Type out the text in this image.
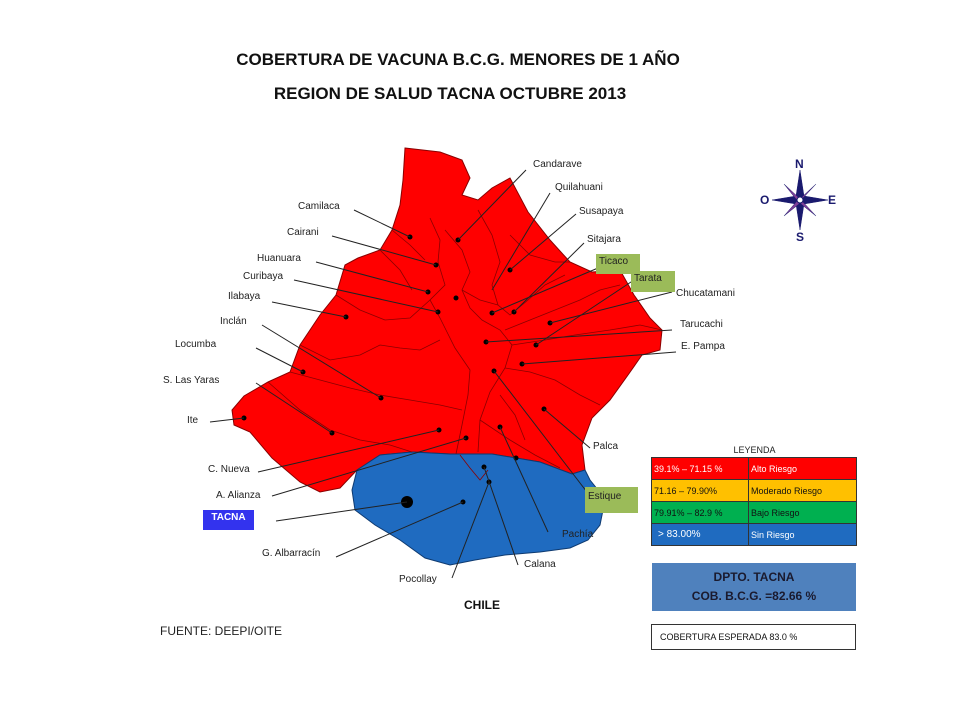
COBERTURA DE VACUNA B.C.G. MENORES DE 1 AÑO
REGION DE SALUD TACNA OCTUBRE 2013
Candarave
Quilahuani
Susapaya
Sitajara
Chucatamani
Tarucachi
E. Pampa
Camilaca
Cairani
Huanuara
Curibaya
Ilabaya
Inclán
Locumba
S. Las Yaras
Ite
C. Nueva
A. Alianza
G. Albarracín
Pocollay
Calana
Pachía
Palca
CHILE
N
S
O	E
Ticaco
Tarata
Estique
TACNA
LEYENDA
39.1% – 71.15 %	Alto Riesgo
71.16 – 79.90%	Moderado Riesgo
79.91% – 82.9 %	Bajo Riesgo
> 83.00%	Sin Riesgo
DPTO. TACNA
COB. B.C.G. =82.66 %
COBERTURA ESPERADA 83.0 %
FUENTE: DEEPI/OITE
